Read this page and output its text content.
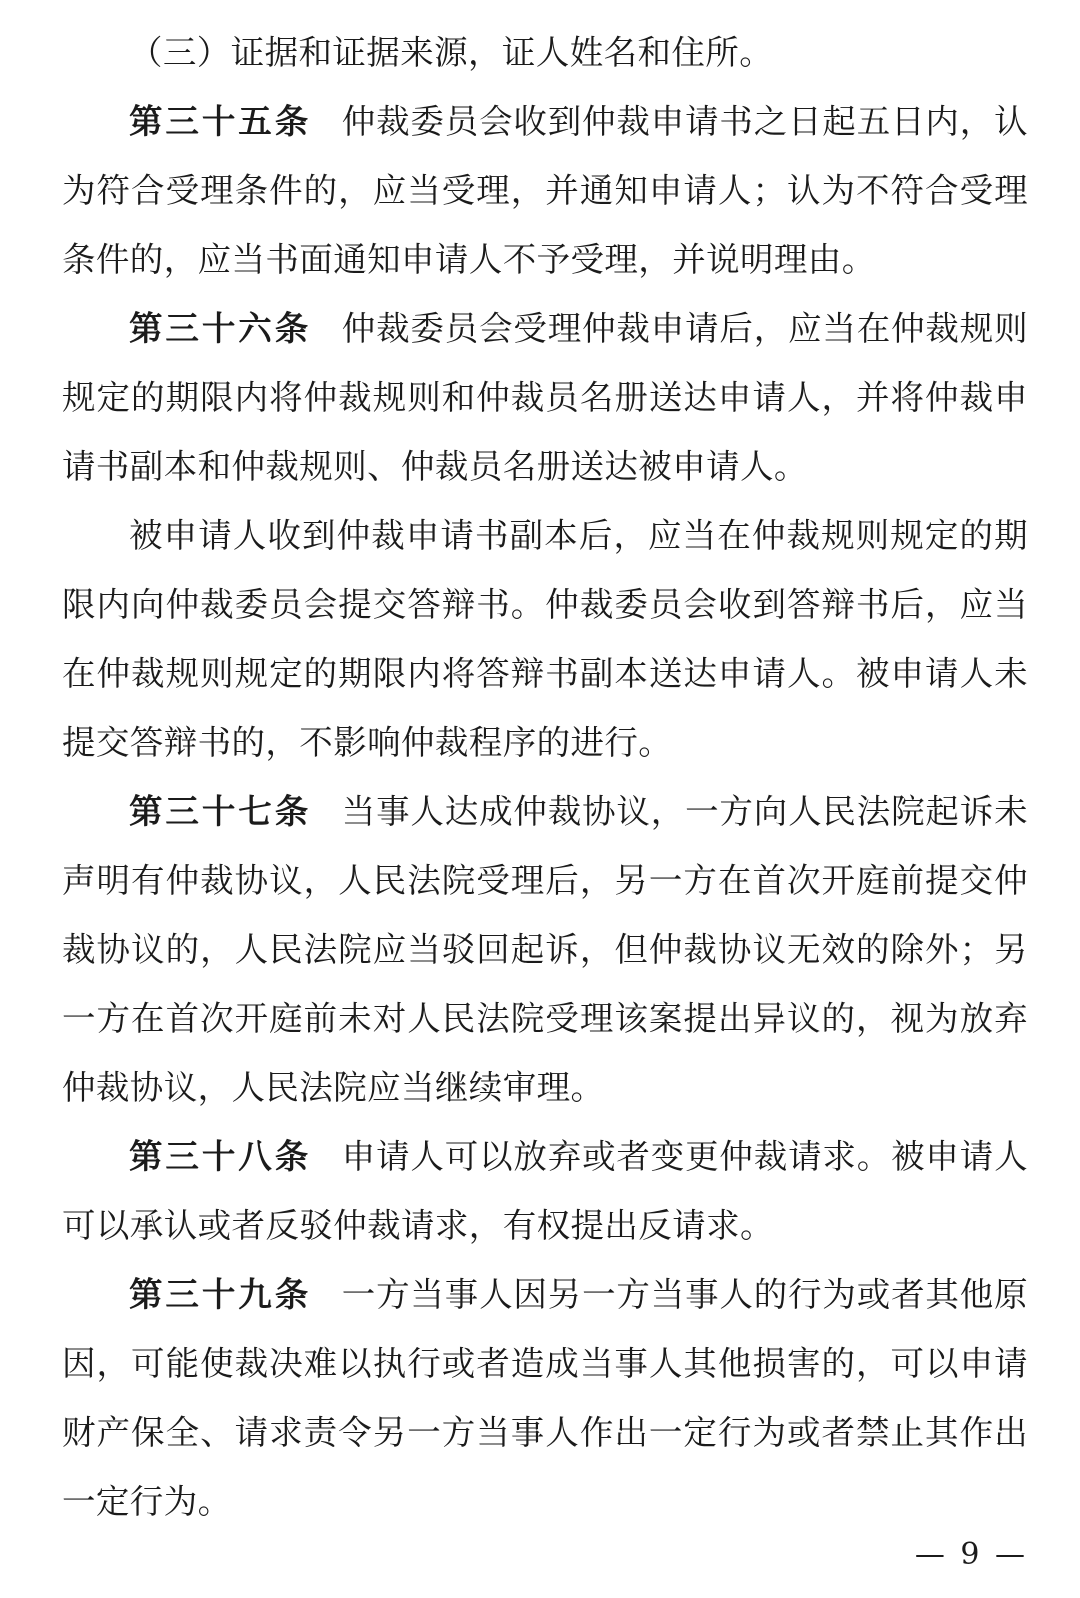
（三）证据和证据来源，证人姓名和住所。

第三十五条 仲裁委员会收到仲裁申请书之日起五日内，认为符合受理条件的，应当受理，并通知申请人；认为不符合受理条件的，应当书面通知申请人不予受理，并说明理由。

第三十六条 仲裁委员会受理仲裁申请后，应当在仲裁规则规定的期限内将仲裁规则和仲裁员名册送达申请人，并将仲裁申请书副本和仲裁规则、仲裁员名册送达被申请人。

被申请人收到仲裁申请书副本后，应当在仲裁规则规定的期限内向仲裁委员会提交答辩书。仲裁委员会收到答辩书后，应当在仲裁规则规定的期限内将答辩书副本送达申请人。被申请人未提交答辩书的，不影响仲裁程序的进行。

第三十七条 当事人达成仲裁协议，一方向人民法院起诉未声明有仲裁协议，人民法院受理后，另一方在首次开庭前提交仲裁协议的，人民法院应当驳回起诉，但仲裁协议无效的除外；另一方在首次开庭前未对人民法院受理该案提出异议的，视为放弃仲裁协议，人民法院应当继续审理。

第三十八条 申请人可以放弃或者变更仲裁请求。被申请人可以承认或者反驳仲裁请求，有权提出反请求。

第三十九条 一方当事人因另一方当事人的行为或者其他原因，可能使裁决难以执行或者造成当事人其他损害的，可以申请财产保全、请求责令另一方当事人作出一定行为或者禁止其作出一定行为。

— 9 —
